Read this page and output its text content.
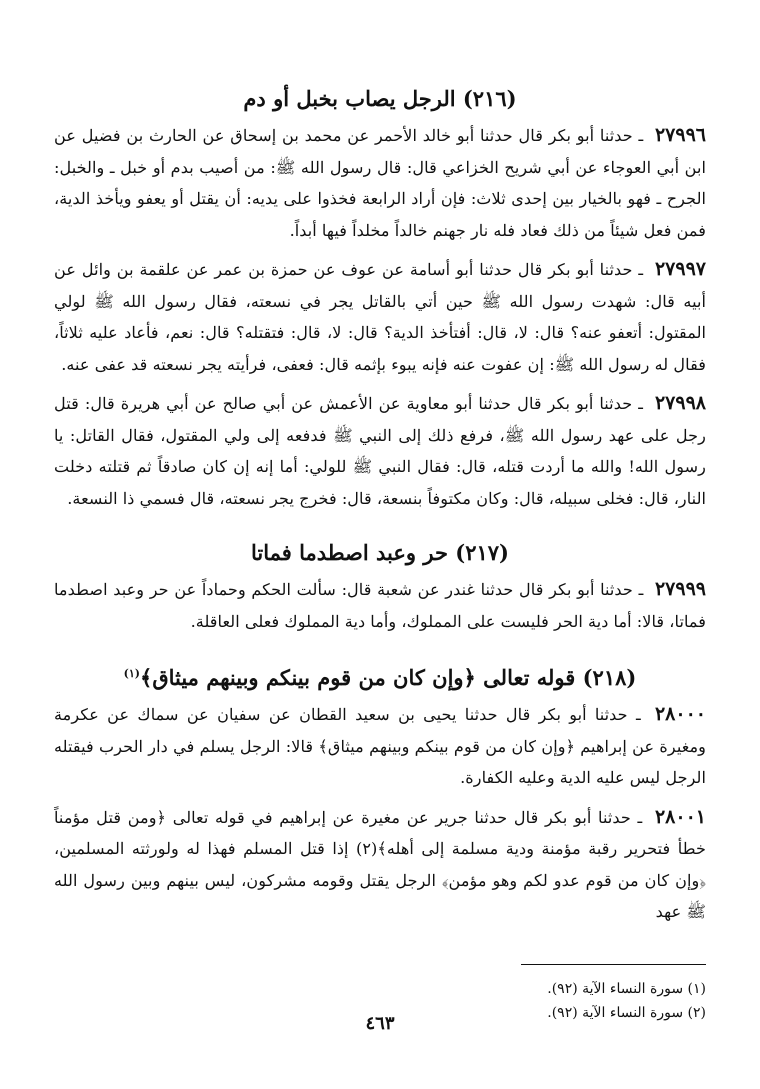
(٢١٦) الرجل يصاب بخبل أو دم

٢٧٩٩٦ ـ حدثنا أبو بكر قال حدثنا أبو خالد الأحمر عن محمد بن إسحاق عن الحارث بن فضيل عن ابن أبي العوجاء عن أبي شريح الخزاعي قال: قال رسول الله ﷺ: من أصيب بدم أو خبل ـ والخبل: الجرح ـ فهو بالخيار بين إحدى ثلاث: فإن أراد الرابعة فخذوا على يديه: أن يقتل أو يعفو ويأخذ الدية، فمن فعل شيئاً من ذلك فعاد فله نار جهنم خالداً مخلداً فيها أبداً.

٢٧٩٩٧ ـ حدثنا أبو بكر قال حدثنا أبو أسامة عن عوف عن حمزة بن عمر عن علقمة بن وائل عن أبيه قال: شهدت رسول الله ﷺ حين أتي بالقاتل يجر في نسعته، فقال رسول الله ﷺ لولي المقتول: أتعفو عنه؟ قال: لا، قال: أفتأخذ الدية؟ قال: لا، قال: فتقتله؟ قال: نعم، فأعاد عليه ثلاثاً، فقال له رسول الله ﷺ: إن عفوت عنه فإنه يبوء بإثمه قال: فعفى، فرأيته يجر نسعته قد عفى عنه.

٢٧٩٩٨ ـ حدثنا أبو بكر قال حدثنا أبو معاوية عن الأعمش عن أبي صالح عن أبي هريرة قال: قتل رجل على عهد رسول الله ﷺ، فرفع ذلك إلى النبي ﷺ فدفعه إلى ولي المقتول، فقال القاتل: يا رسول الله! والله ما أردت قتله، قال: فقال النبي ﷺ للولي: أما إنه إن كان صادقاً ثم قتلته دخلت النار، قال: فخلى سبيله، قال: وكان مكتوفاً بنسعة، قال: فخرج يجر نسعته، قال فسمي ذا النسعة.

(٢١٧) حر وعبد اصطدما فماتا

٢٧٩٩٩ ـ حدثنا أبو بكر قال حدثنا غندر عن شعبة قال: سألت الحكم وحماداً عن حر وعبد اصطدما فماتا، قالا: أما دية الحر فليست على المملوك، وأما دية المملوك فعلى العاقلة.

(٢١٨) قوله تعالى ﴿وإن كان من قوم بينكم وبينهم ميثاق﴾$^{(١)}$

٢٨٠٠٠ ـ حدثنا أبو بكر قال حدثنا يحيى بن سعيد القطان عن سفيان عن سماك عن عكرمة ومغيرة عن إبراهيم ﴿وإن كان من قوم بينكم وبينهم ميثاق﴾ قالا: الرجل يسلم في دار الحرب فيقتله الرجل ليس عليه الدية وعليه الكفارة.

٢٨٠٠١ ـ حدثنا أبو بكر قال حدثنا جرير عن مغيرة عن إبراهيم في قوله تعالى ﴿ومن قتل مؤمناً خطأ فتحرير رقبة مؤمنة ودية مسلمة إلى أهله﴾(٢) إذا قتل المسلم فهذا له ولورثته المسلمين، ﴿وإن كان من قوم عدو لكم وهو مؤمن﴾ الرجل يقتل وقومه مشركون، ليس بينهم وبين رسول الله ﷺ عهد

(١) سورة النساء الآية (٩٢).
(٢) سورة النساء الآية (٩٢).
٤٦٣
